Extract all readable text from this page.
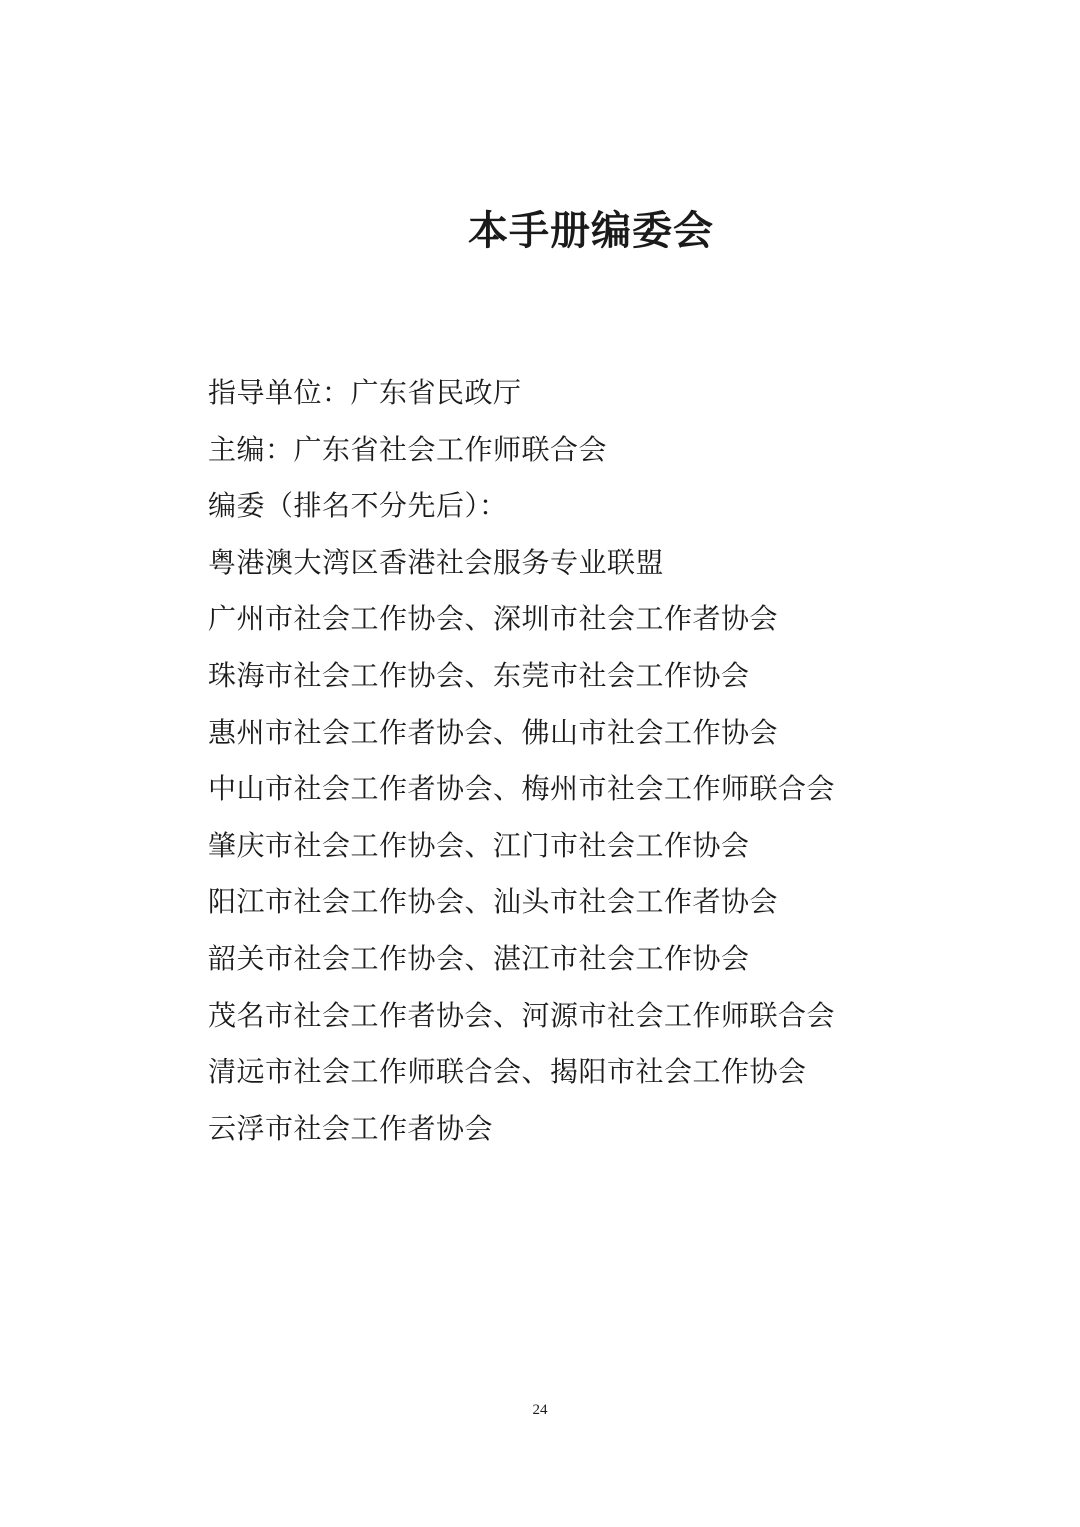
本手册编委会
指导单位：广东省民政厅
主编：广东省社会工作师联合会
编委（排名不分先后）：
粤港澳大湾区香港社会服务专业联盟
广州市社会工作协会、深圳市社会工作者协会
珠海市社会工作协会、东莞市社会工作协会
惠州市社会工作者协会、佛山市社会工作协会
中山市社会工作者协会、梅州市社会工作师联合会
肇庆市社会工作协会、江门市社会工作协会
阳江市社会工作协会、汕头市社会工作者协会
韶关市社会工作协会、湛江市社会工作协会
茂名市社会工作者协会、河源市社会工作师联合会
清远市社会工作师联合会、揭阳市社会工作协会
云浮市社会工作者协会
24
